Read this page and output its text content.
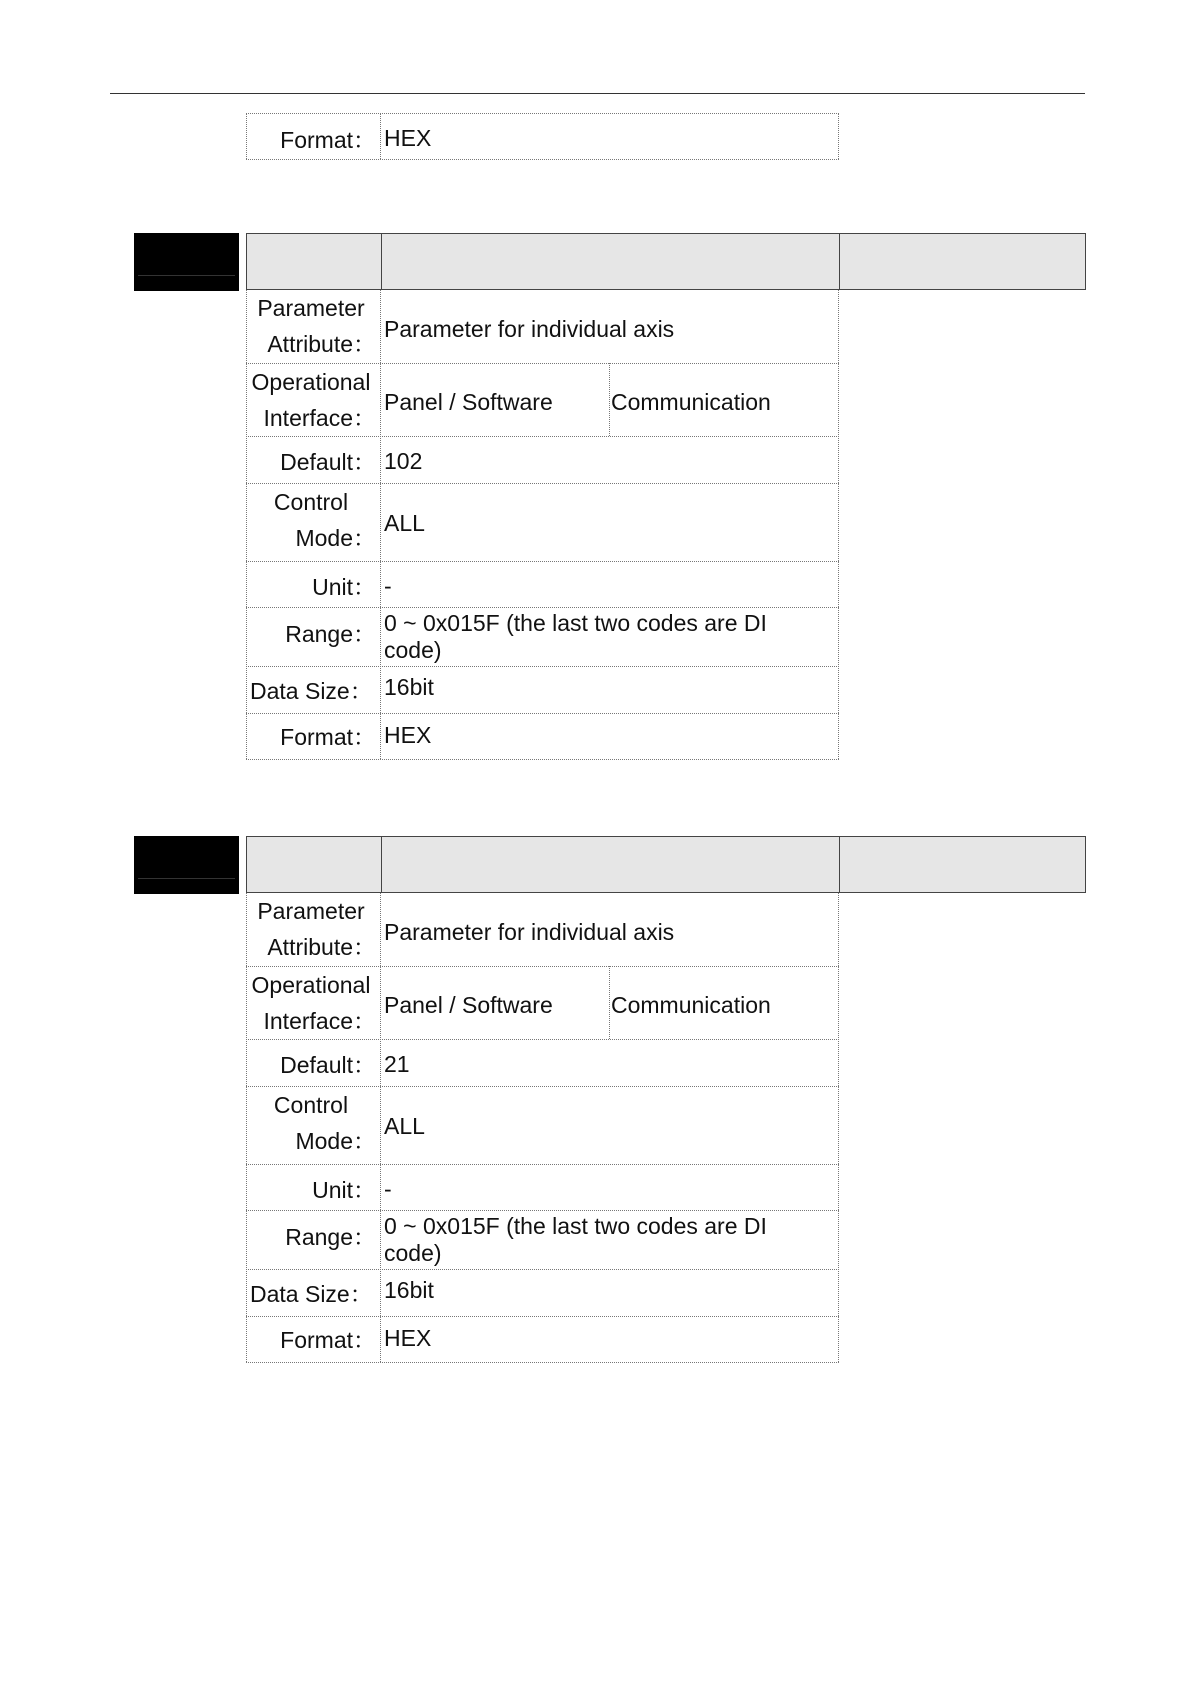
Format： HEX
Parameter
Attribute：
Parameter for individual axis
Operational
Interface：
Panel / Software	Communication
Default： 102
Control
Mode：
ALL
Unit： -
Range： 0 ~ 0x015F (the last two codes are DI
code)
Data Size： 16bit
Format： HEX
Parameter
Attribute：
Parameter for individual axis
Operational
Interface：
Panel / Software	Communication
Default： 21
Control
Mode：
ALL
Unit： -
Range： 0 ~ 0x015F (the last two codes are DI
code)
Data Size： 16bit
Format： HEX
